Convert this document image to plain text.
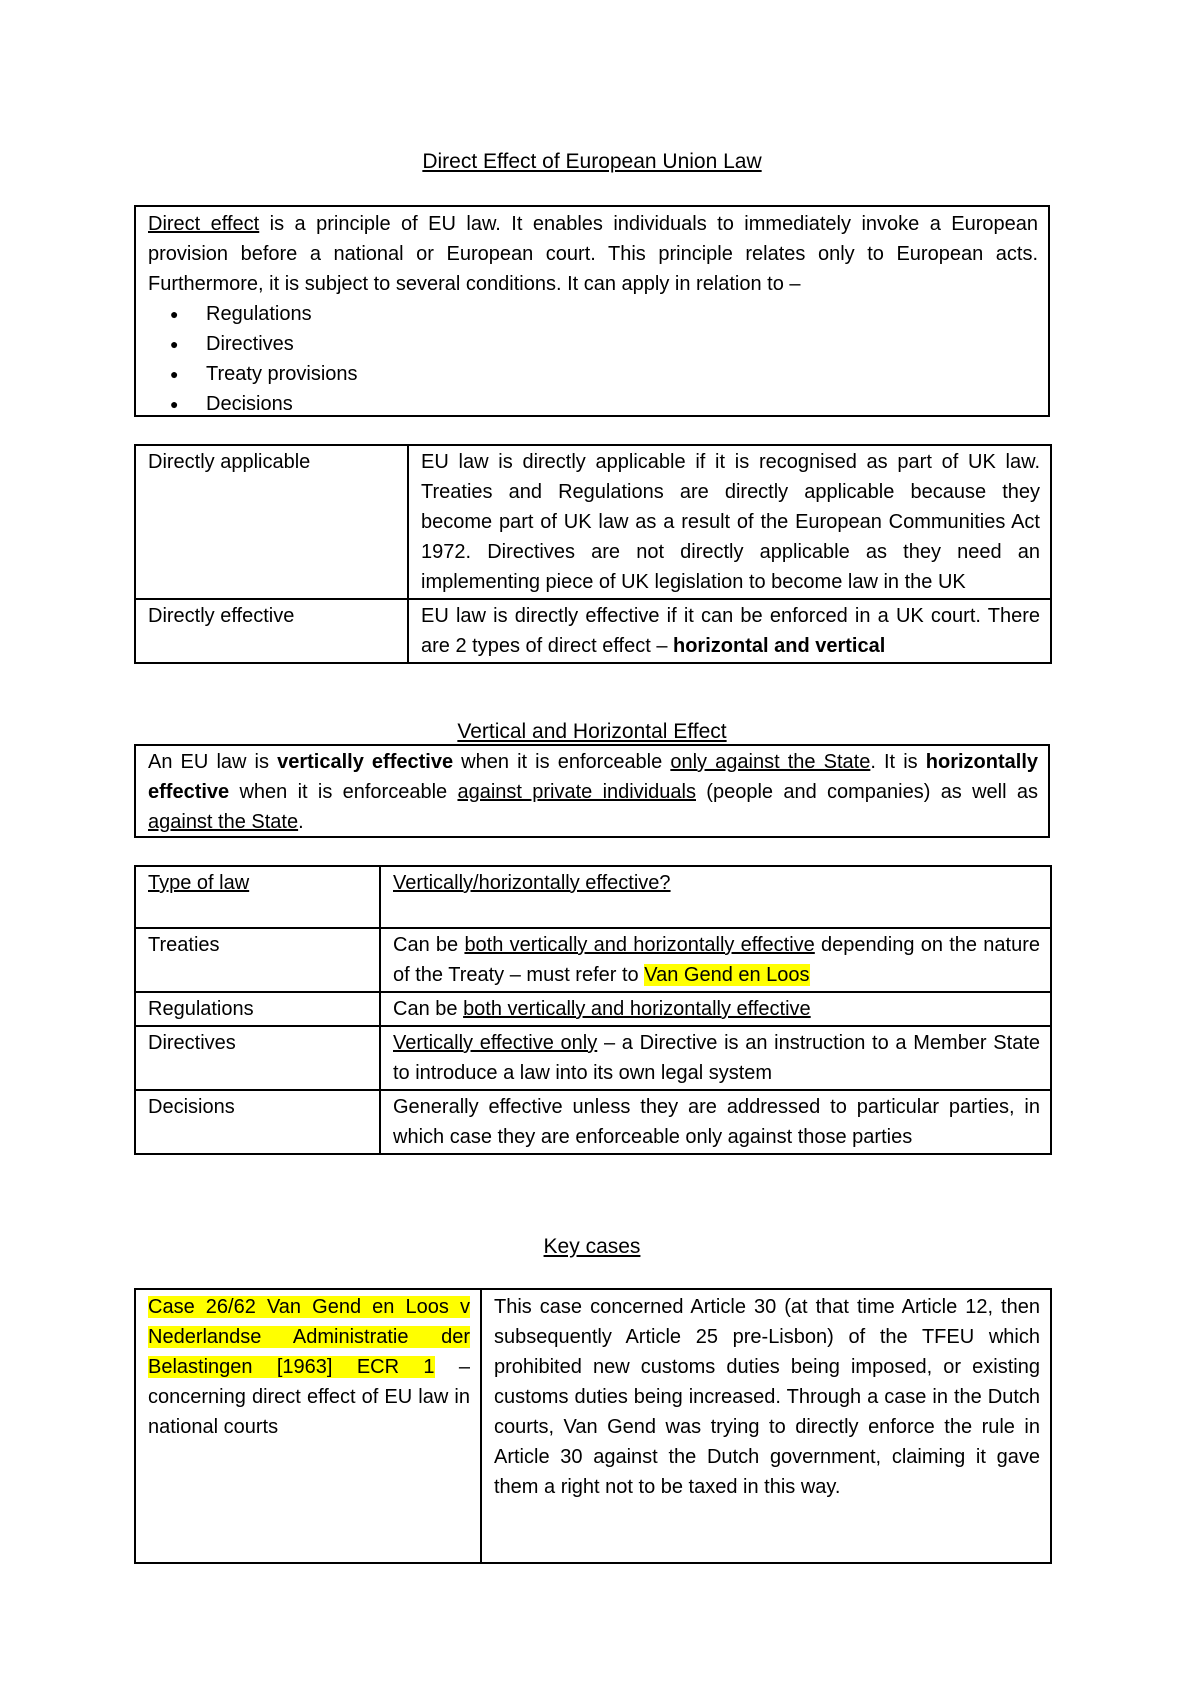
Direct Effect of European Union Law
Direct effect is a principle of EU law. It enables individuals to immediately invoke a European provision before a national or European court. This principle relates only to European acts. Furthermore, it is subject to several conditions. It can apply in relation to –
● Regulations
● Directives
● Treaty provisions
● Decisions
Directly applicable	EU law is directly applicable if it is recognised as part of UK law. Treaties and Regulations are directly applicable because they become part of UK law as a result of the European Communities Act 1972. Directives are not directly applicable as they need an implementing piece of UK legislation to become law in the UK
Directly effective	EU law is directly effective if it can be enforced in a UK court. There are 2 types of direct effect – horizontal and vertical
Vertical and Horizontal Effect
An EU law is vertically effective when it is enforceable only against the State. It is horizontally effective when it is enforceable against private individuals (people and companies) as well as against the State.
Type of law	Vertically/horizontally effective?
Treaties	Can be both vertically and horizontally effective depending on the nature of the Treaty – must refer to Van Gend en Loos
Regulations	Can be both vertically and horizontally effective
Directives	Vertically effective only – a Directive is an instruction to a Member State to introduce a law into its own legal system
Decisions	Generally effective unless they are addressed to particular parties, in which case they are enforceable only against those parties
Key cases
Case 26/62 Van Gend en Loos v Nederlandse Administratie der Belastingen [1963] ECR 1 – concerning direct effect of EU law in national courts	This case concerned Article 30 (at that time Article 12, then subsequently Article 25 pre-Lisbon) of the TFEU which prohibited new customs duties being imposed, or existing customs duties being increased. Through a case in the Dutch courts, Van Gend was trying to directly enforce the rule in Article 30 against the Dutch government, claiming it gave them a right not to be taxed in this way.
